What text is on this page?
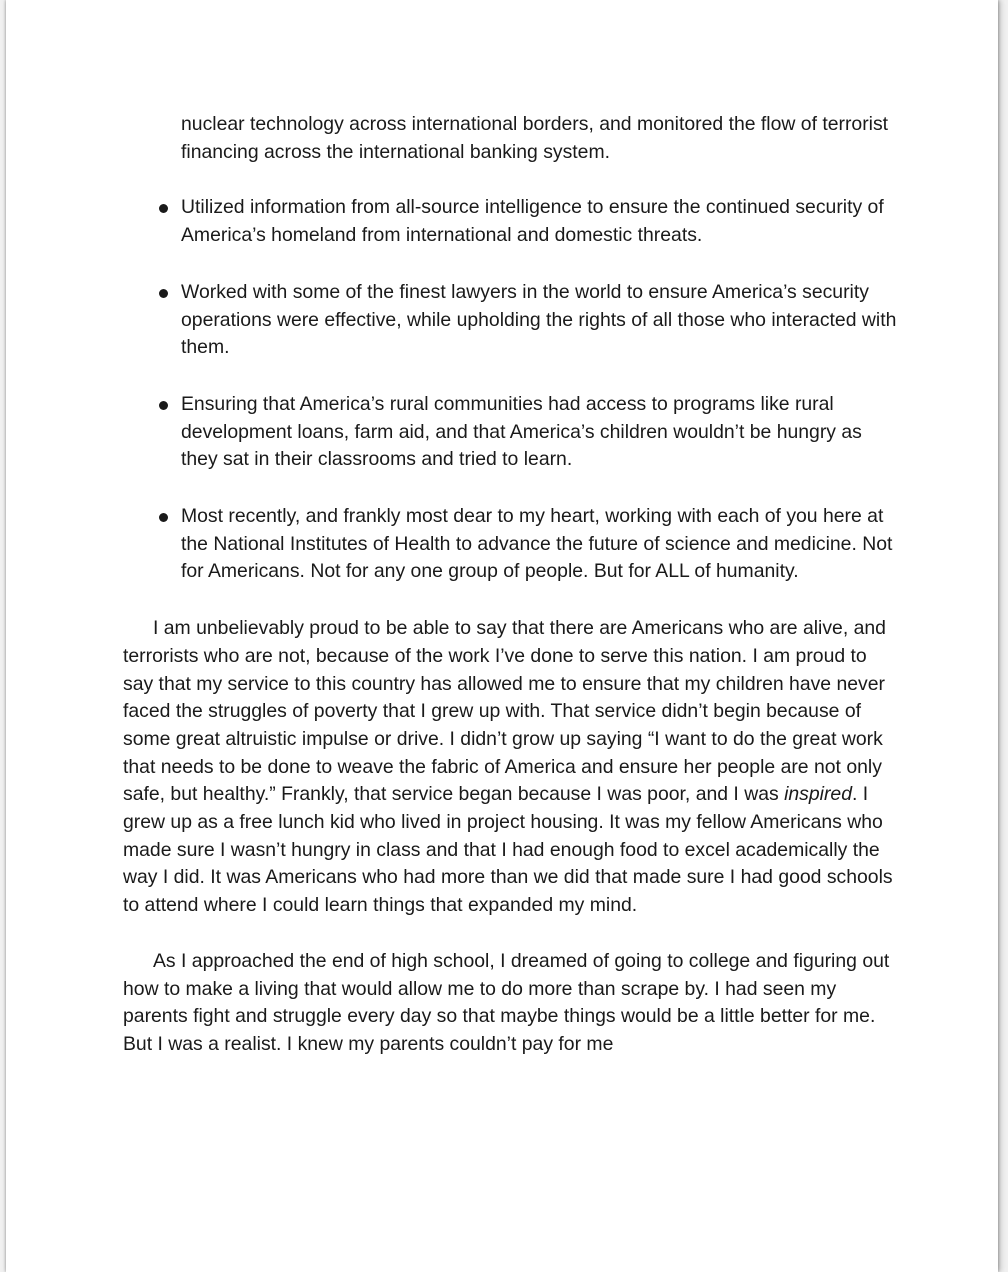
nuclear technology across international borders, and monitored the flow of terrorist financing across the international banking system.

Utilized information from all-source intelligence to ensure the continued security of America’s homeland from international and domestic threats.
Worked with some of the finest lawyers in the world to ensure America’s security operations were effective, while upholding the rights of all those who interacted with them.
Ensuring that America’s rural communities had access to programs like rural development loans, farm aid, and that America’s children wouldn’t be hungry as they sat in their classrooms and tried to learn.
Most recently, and frankly most dear to my heart, working with each of you here at the National Institutes of Health to advance the future of science and medicine. Not for Americans. Not for any one group of people. But for ALL of humanity.

I am unbelievably proud to be able to say that there are Americans who are alive, and terrorists who are not, because of the work I’ve done to serve this nation. I am proud to say that my service to this country has allowed me to ensure that my children have never faced the struggles of poverty that I grew up with. That service didn’t begin because of some great altruistic impulse or drive. I didn’t grow up saying “I want to do the great work that needs to be done to weave the fabric of America and ensure her people are not only safe, but healthy.” Frankly, that service began because I was poor, and I was inspired. I grew up as a free lunch kid who lived in project housing. It was my fellow Americans who made sure I wasn’t hungry in class and that I had enough food to excel academically the way I did. It was Americans who had more than we did that made sure I had good schools to attend where I could learn things that expanded my mind.

As I approached the end of high school, I dreamed of going to college and figuring out how to make a living that would allow me to do more than scrape by. I had seen my parents fight and struggle every day so that maybe things would be a little better for me. But I was a realist. I knew my parents couldn’t pay for me
